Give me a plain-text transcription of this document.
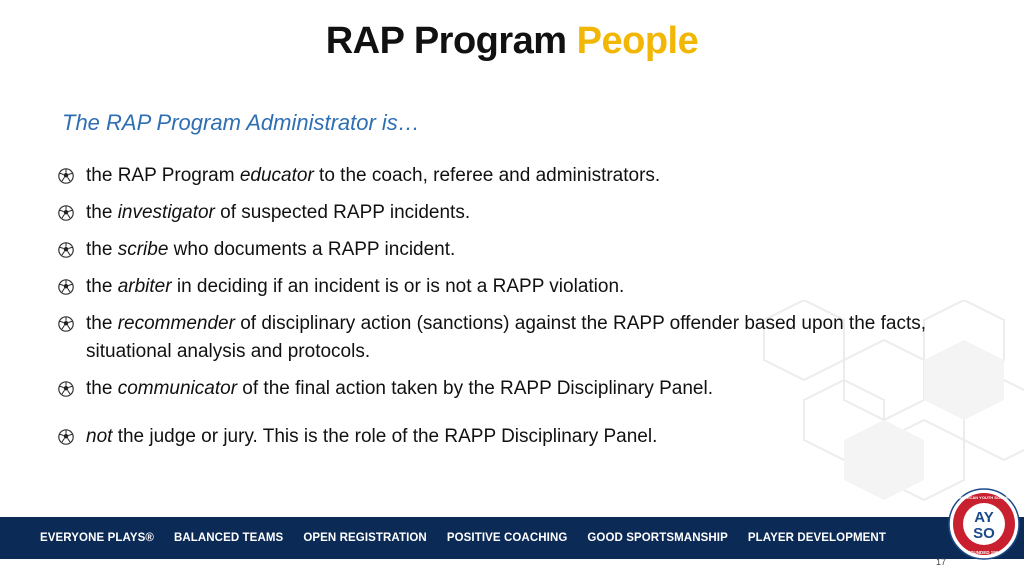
RAP Program People
The RAP Program Administrator is…
the RAP Program educator to the coach, referee and administrators.
the investigator of suspected RAPP incidents.
the scribe who documents a RAPP incident.
the arbiter in deciding if an incident is or is not a RAPP violation.
the recommender of disciplinary action (sanctions) against the RAPP offender based upon the facts, situational analysis and protocols.
the communicator of the final action taken by the RAPP Disciplinary Panel.
not the judge or jury. This is the role of the RAPP Disciplinary Panel.
EVERYONE PLAYS® BALANCED TEAMS OPEN REGISTRATION POSITIVE COACHING GOOD SPORTSMANSHIP PLAYER DEVELOPMENT
AY
SO
AMERICAN YOUTH SOCCER
FOUNDED 1964
17
